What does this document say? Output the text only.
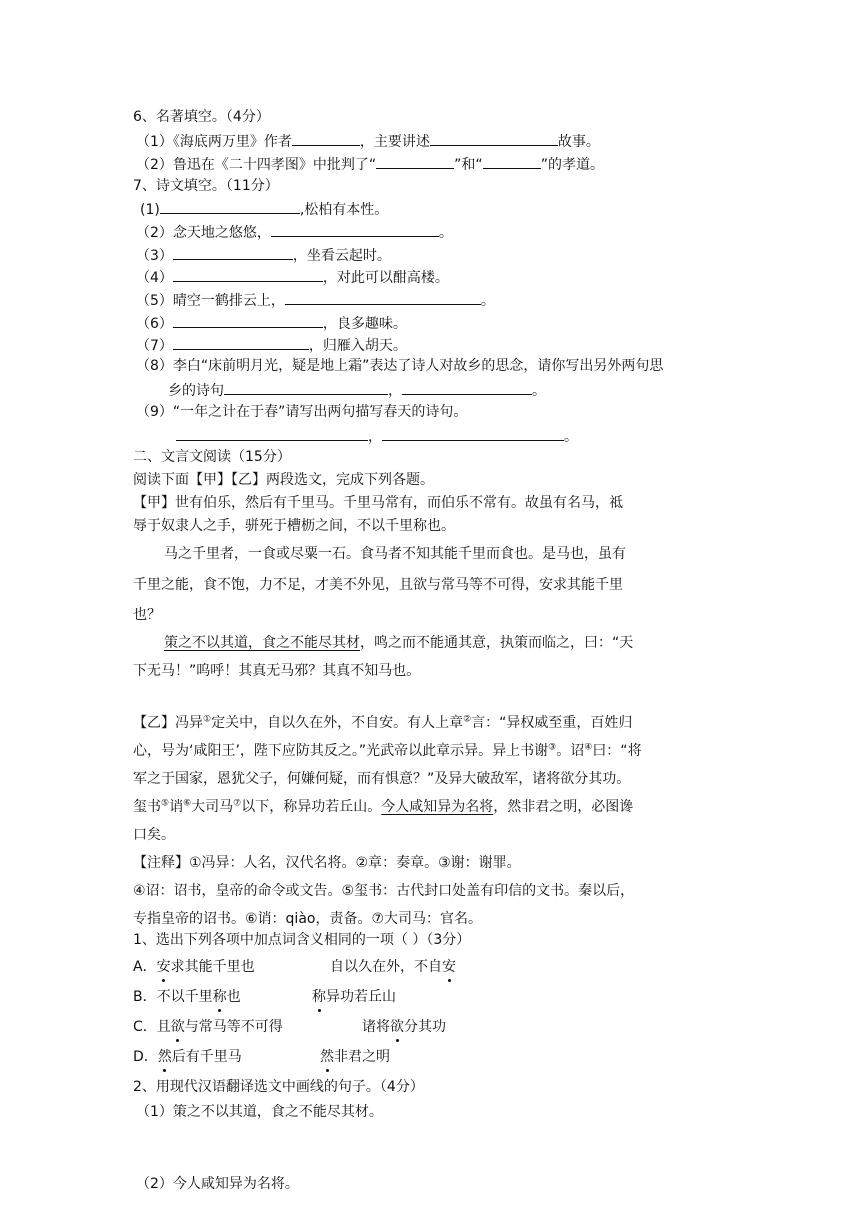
6、名著填空。（4分）
（1）《海底两万里》作者	，主要讲述	故事。
（2）鲁迅在《二十四孝图》中批判了“	”和“	”的孝道。
7、诗文填空。（11分）
(1)	,松柏有本性。
（2）念天地之悠悠，	。
（3）	，坐看云起时。
（4）	，对此可以酣高楼。
（5）晴空一鹤排云上，	。
（6）	，良多趣味。
（7）	，归雁入胡天。
（8）李白“床前明月光，疑是地上霜”表达了诗人对故乡的思念，请你写出另外两句思
乡的诗句	，	。
（9）“一年之计在于春”请写出两句描写春天的诗句。
，	。
二、文言文阅读（15分）
阅读下面【甲】【乙】两段选文，完成下列各题。
【甲】世有伯乐，然后有千里马。千里马常有，而伯乐不常有。故虽有名马，祗
辱于奴隶人之手，骈死于槽枥之间，不以千里称也。
马之千里者，一食或尽粟一石。食马者不知其能千里而食也。是马也，虽有
千里之能，食不饱，力不足，才美不外见，且欲与常马等不可得，安求其能千里
也？
策之不以其道，食之不能尽其材，鸣之而不能通其意，执策而临之，曰：“天
下无马！”呜呼！其真无马邪？其真不知马也。
【乙】冯异①定关中，自以久在外，不自安。有人上章②言：“异权威至重，百姓归
心，号为‘咸阳王’，陛下应防其反之。”光武帝以此章示异。异上书谢③。诏④曰：“将
军之于国家，恩犹父子，何嫌何疑，而有惧意？”及异大破敌军，诸将欲分其功。
玺书⑤诮⑥大司马⑦以下，称异功若丘山。今人咸知异为名将，然非君之明，必图谗
口矣。
【注释】①冯异：人名，汉代名将。②章：奏章。③谢：谢罪。
④诏：诏书，皇帝的命令或文告。⑤玺书：古代封口处盖有印信的文书。秦以后，
专指皇帝的诏书。⑥诮：qiào，责备。⑦大司马：官名。
1、选出下列各项中加点词含义相同的一项（ ）（3分）
A．安求其能千里也	自以久在外，不自安
B．不以千里称也	称异功若丘山
C．且欲与常马等不可得	诸将欲分其功
D．然后有千里马	然非君之明
2、用现代汉语翻译选文中画线的句子。（4分）
（1）策之不以其道，食之不能尽其材。
（2）今人咸知异为名将。
